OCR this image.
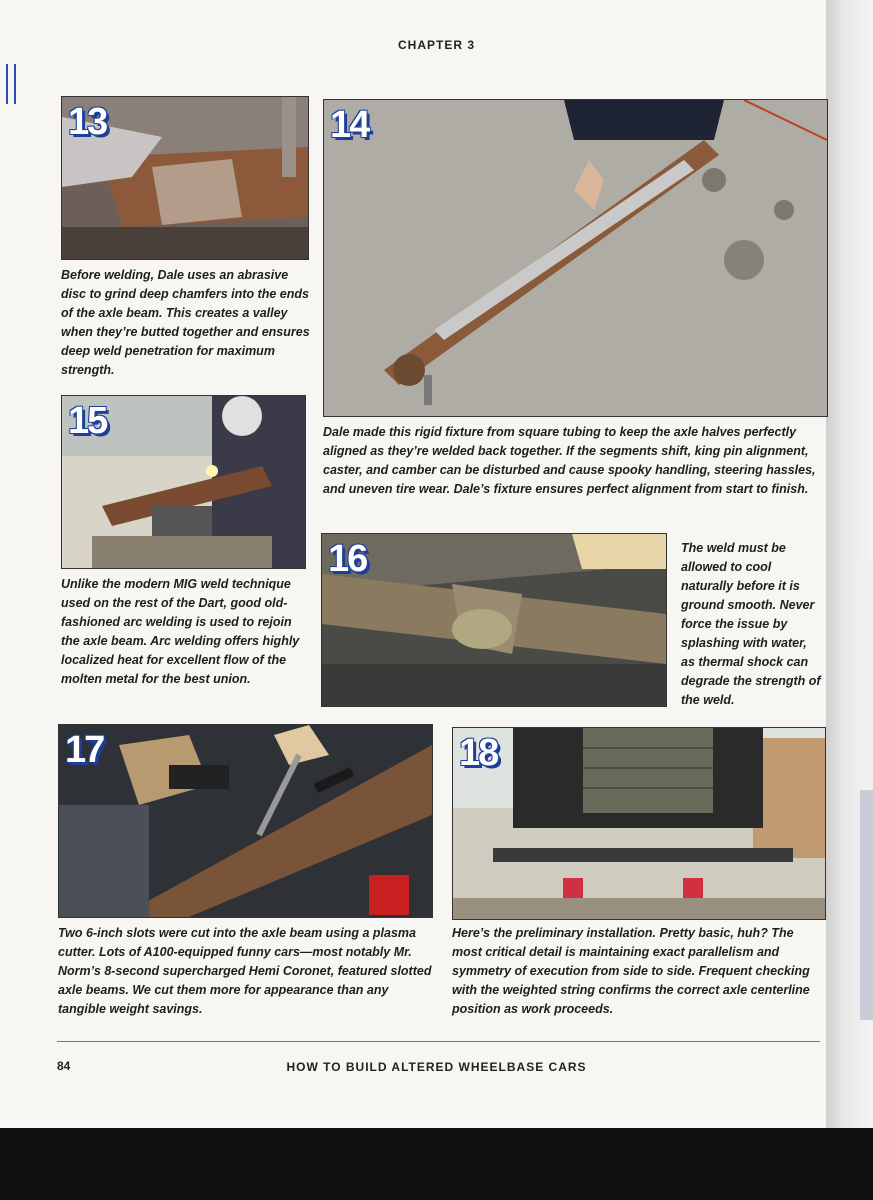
CHAPTER 3
13

Before welding, Dale uses an abrasive disc to grind deep chamfers into the ends of the axle beam. This creates a valley when they’re butted together and ensures deep weld penetration for maximum strength.

14

Dale made this rigid fixture from square tubing to keep the axle halves perfectly aligned as they’re welded back together. If the segments shift, king pin alignment, caster, and camber can be disturbed and cause spooky handling, steering hassles, and uneven tire wear. Dale’s fixture ensures perfect alignment from start to finish.

15

Unlike the modern MIG weld technique used on the rest of the Dart, good old-fashioned arc welding is used to rejoin the axle beam. Arc welding offers highly localized heat for excellent flow of the molten metal for the best union.

16	The weld must be allowed to cool naturally before it is ground smooth. Never force the issue by splashing with water, as thermal shock can degrade the strength of the weld.

17

Two 6-inch slots were cut into the axle beam using a plasma cutter. Lots of A100-equipped funny cars—most notably Mr. Norm’s 8-second supercharged Hemi Coronet, featured slotted axle beams. We cut them more for appearance than any tangible weight savings.

18

Here’s the preliminary installation. Pretty basic, huh? The most critical detail is maintaining exact parallelism and symmetry of execution from side to side. Frequent checking with the weighted string confirms the correct axle centerline position as work proceeds.

84	HOW TO BUILD ALTERED WHEELBASE CARS
